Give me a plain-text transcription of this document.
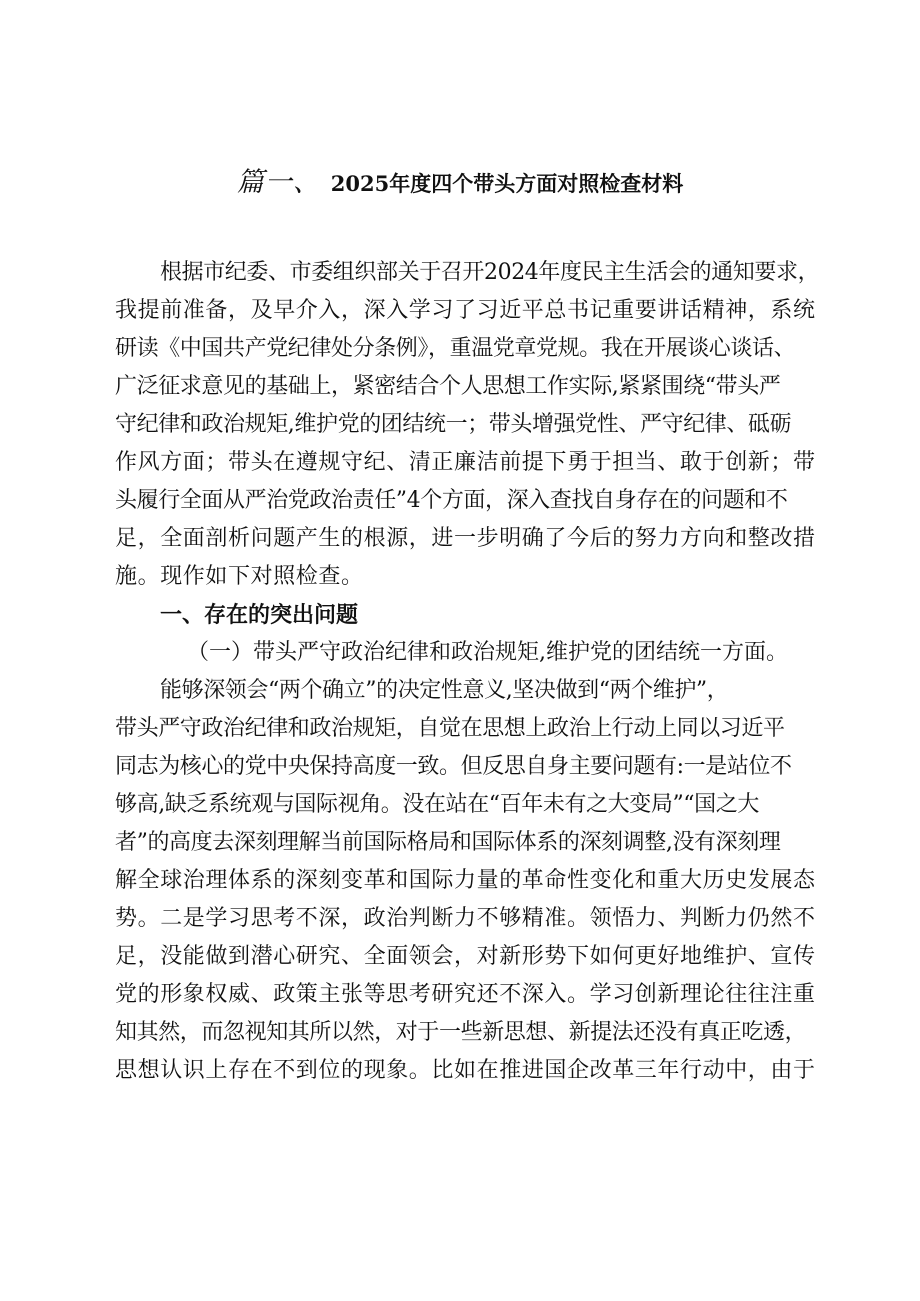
篇一、 2025年度四个带头方面对照检查材料
根据市纪委、市委组织部关于召开2024年度民主生活会的通知要求，
我提前准备，及早介入，深入学习了习近平总书记重要讲话精神，系统
研读《中国共产党纪律处分条例》，重温党章党规。我在开展谈心谈话、
广泛征求意见的基础上，紧密结合个人思想工作实际,紧紧围绕“带头严
守纪律和政治规矩,维护党的团结统一；带头增强党性、严守纪律、砥砺
作风方面；带头在遵规守纪、清正廉洁前提下勇于担当、敢于创新；带
头履行全面从严治党政治责任”4个方面，深入查找自身存在的问题和不
足，全面剖析问题产生的根源，进一步明确了今后的努力方向和整改措
施。现作如下对照检查。
一、存在的突出问题
（一）带头严守政治纪律和政治规矩,维护党的团结统一方面。
能够深领会“两个确立”的决定性意义,坚决做到“两个维护”，
带头严守政治纪律和政治规矩，自觉在思想上政治上行动上同以习近平
同志为核心的党中央保持高度一致。但反思自身主要问题有:一是站位不
够高,缺乏系统观与国际视角。没在站在“百年未有之大变局”“国之大
者”的高度去深刻理解当前国际格局和国际体系的深刻调整,没有深刻理
解全球治理体系的深刻变革和国际力量的革命性变化和重大历史发展态
势。二是学习思考不深，政治判断力不够精准。领悟力、判断力仍然不
足，没能做到潜心研究、全面领会，对新形势下如何更好地维护、宣传
党的形象权威、政策主张等思考研究还不深入。学习创新理论往往注重
知其然，而忽视知其所以然，对于一些新思想、新提法还没有真正吃透，
思想认识上存在不到位的现象。比如在推进国企改革三年行动中，由于
